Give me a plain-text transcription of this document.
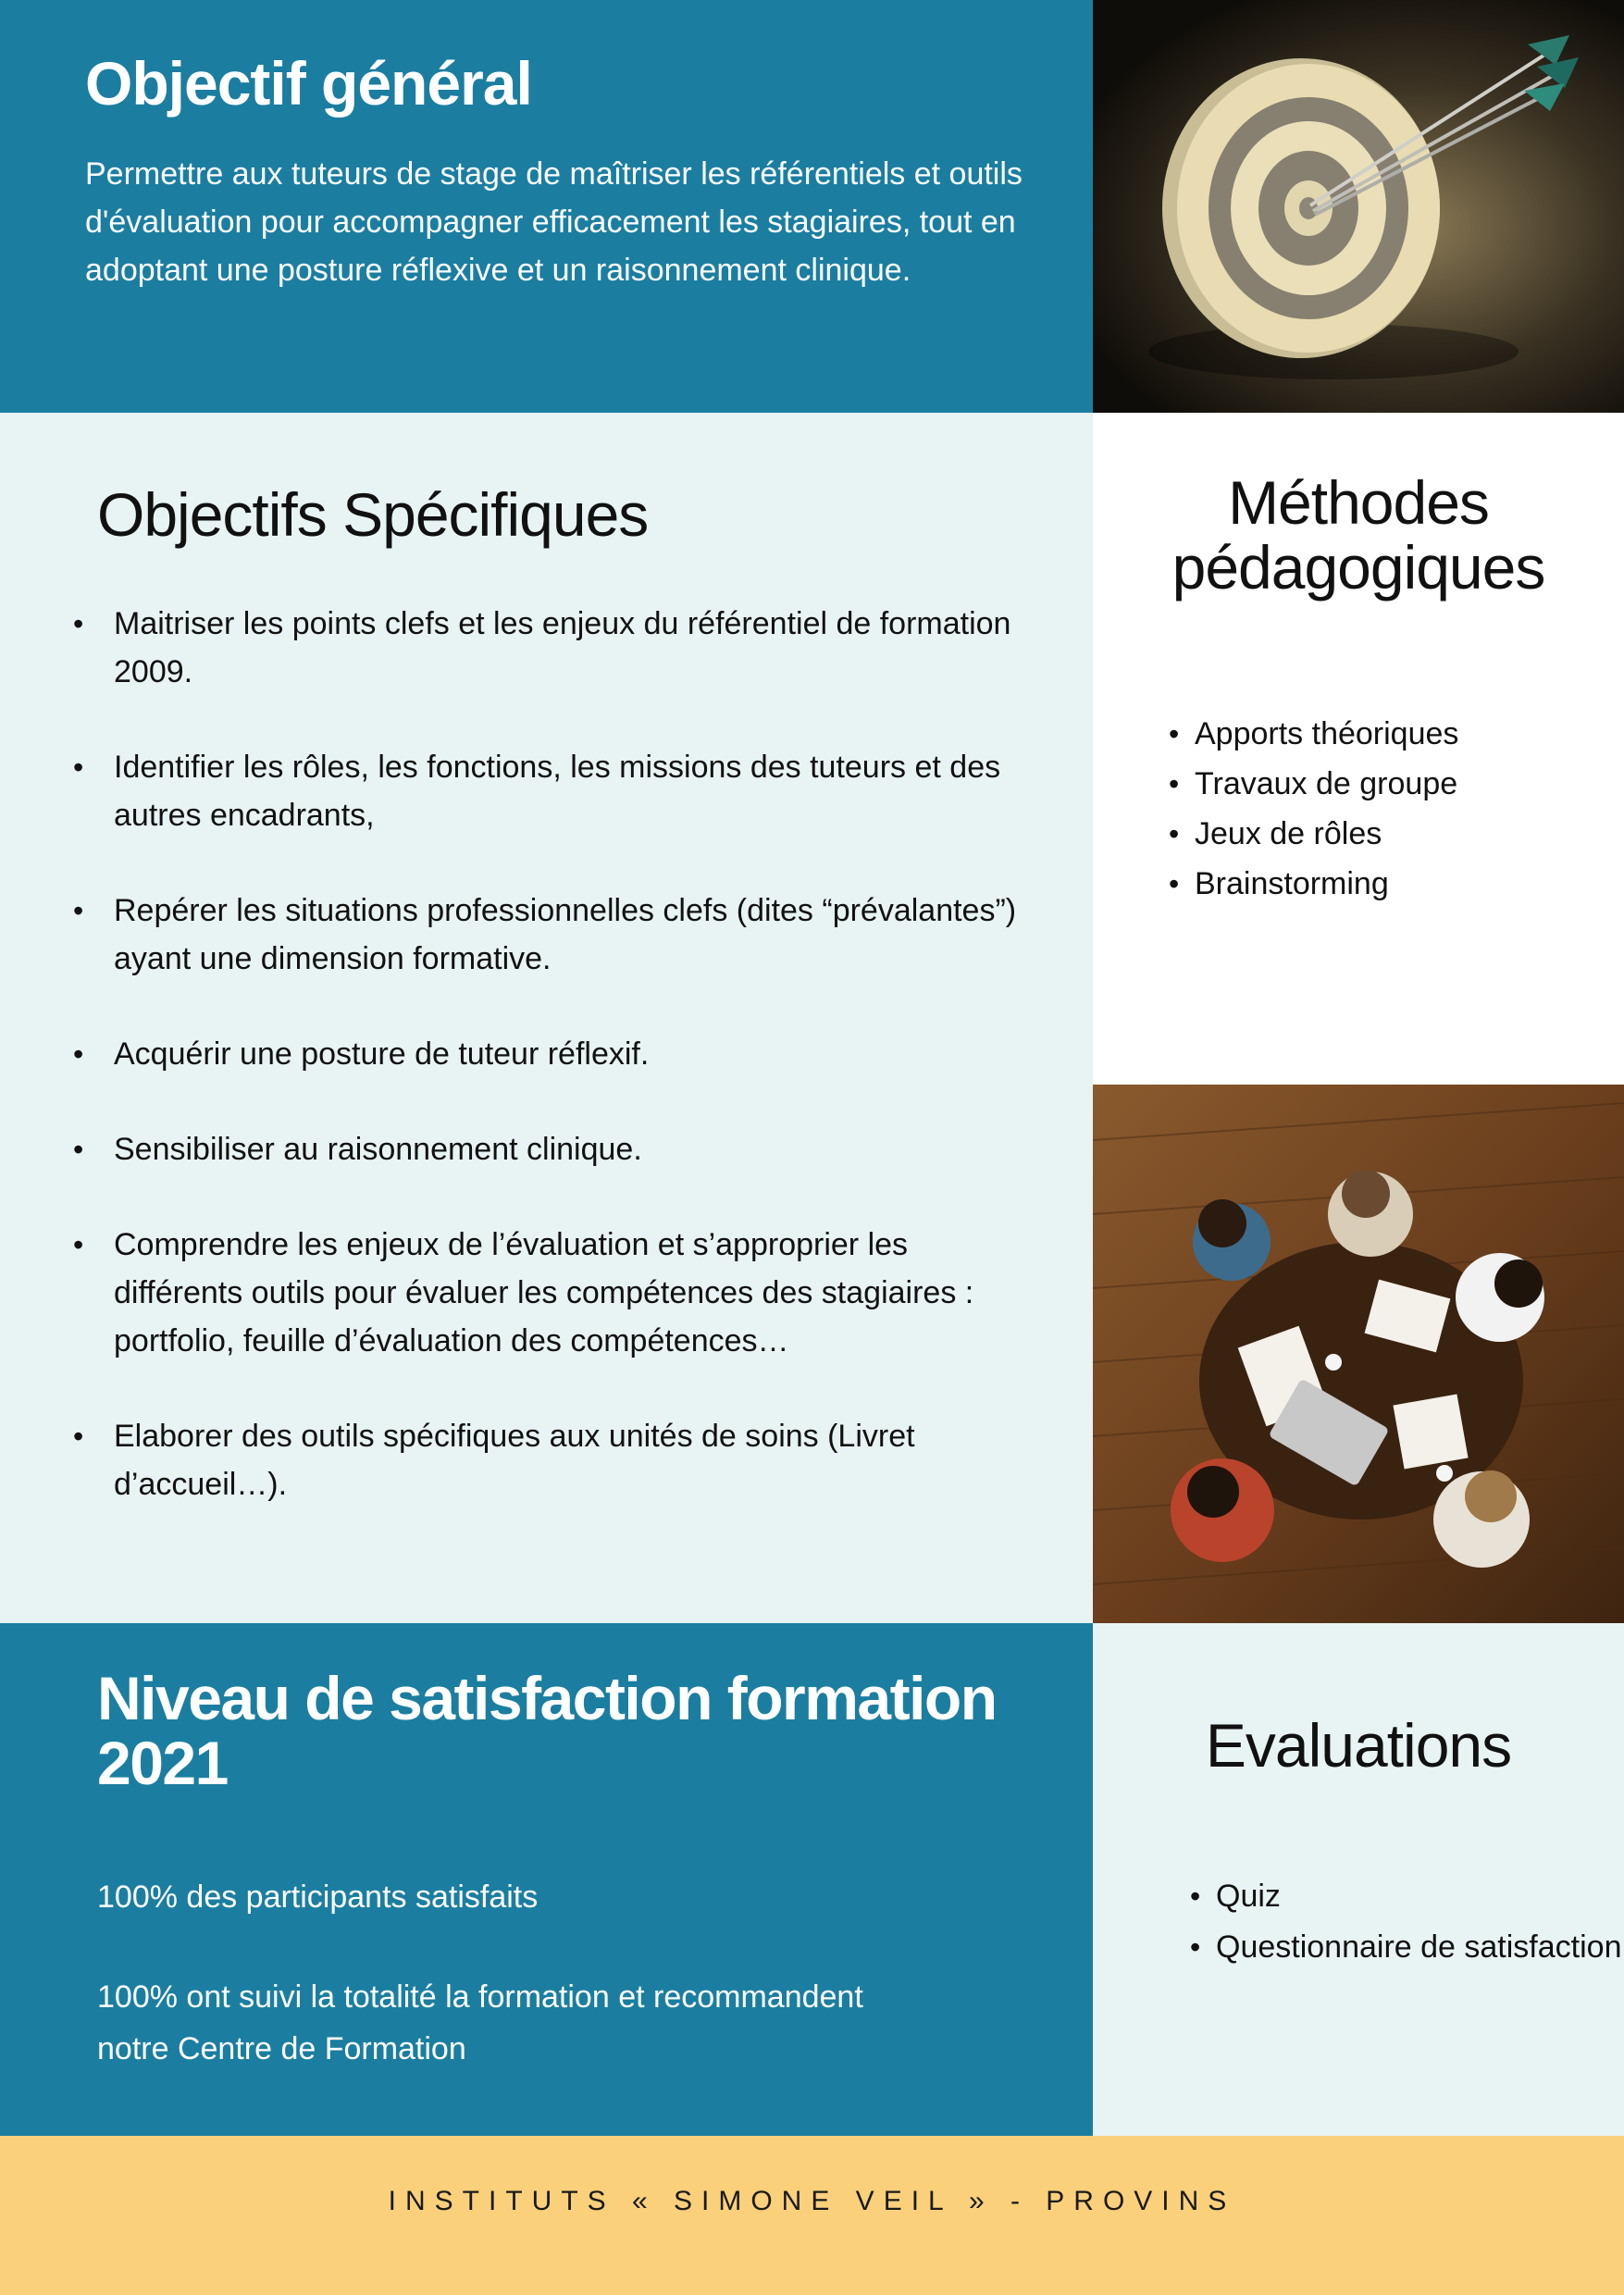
Objectif général

Permettre aux tuteurs de stage de maîtriser les référentiels et outils d'évaluation pour accompagner efficacement les stagiaires, tout en adoptant une posture réflexive et un raisonnement clinique.

Objectifs Spécifiques
• Maitriser les points clefs et les enjeux du référentiel de formation 2009.
• Identifier les rôles, les fonctions, les missions des tuteurs et des autres encadrants,
• Repérer les situations professionnelles clefs (dites “prévalantes”) ayant une dimension formative.
• Acquérir une posture de tuteur réflexif.
• Sensibiliser au raisonnement clinique.
• Comprendre les enjeux de l’évaluation et s’approprier les différents outils pour évaluer les compétences des stagiaires : portfolio, feuille d’évaluation des compétences…
• Elaborer des outils spécifiques aux unités de soins (Livret d’accueil…).
Méthodes
pédagogiques
• Apports théoriques
• Travaux de groupe
• Jeux de rôles
• Brainstorming
Niveau de satisfaction formation 2021

100% des participants satisfaits

100% ont suivi la totalité la formation et recommandent

notre Centre de Formation

Evaluations
• Quiz
• Questionnaire de satisfaction
INSTITUTS « SIMONE VEIL » - PROVINS
